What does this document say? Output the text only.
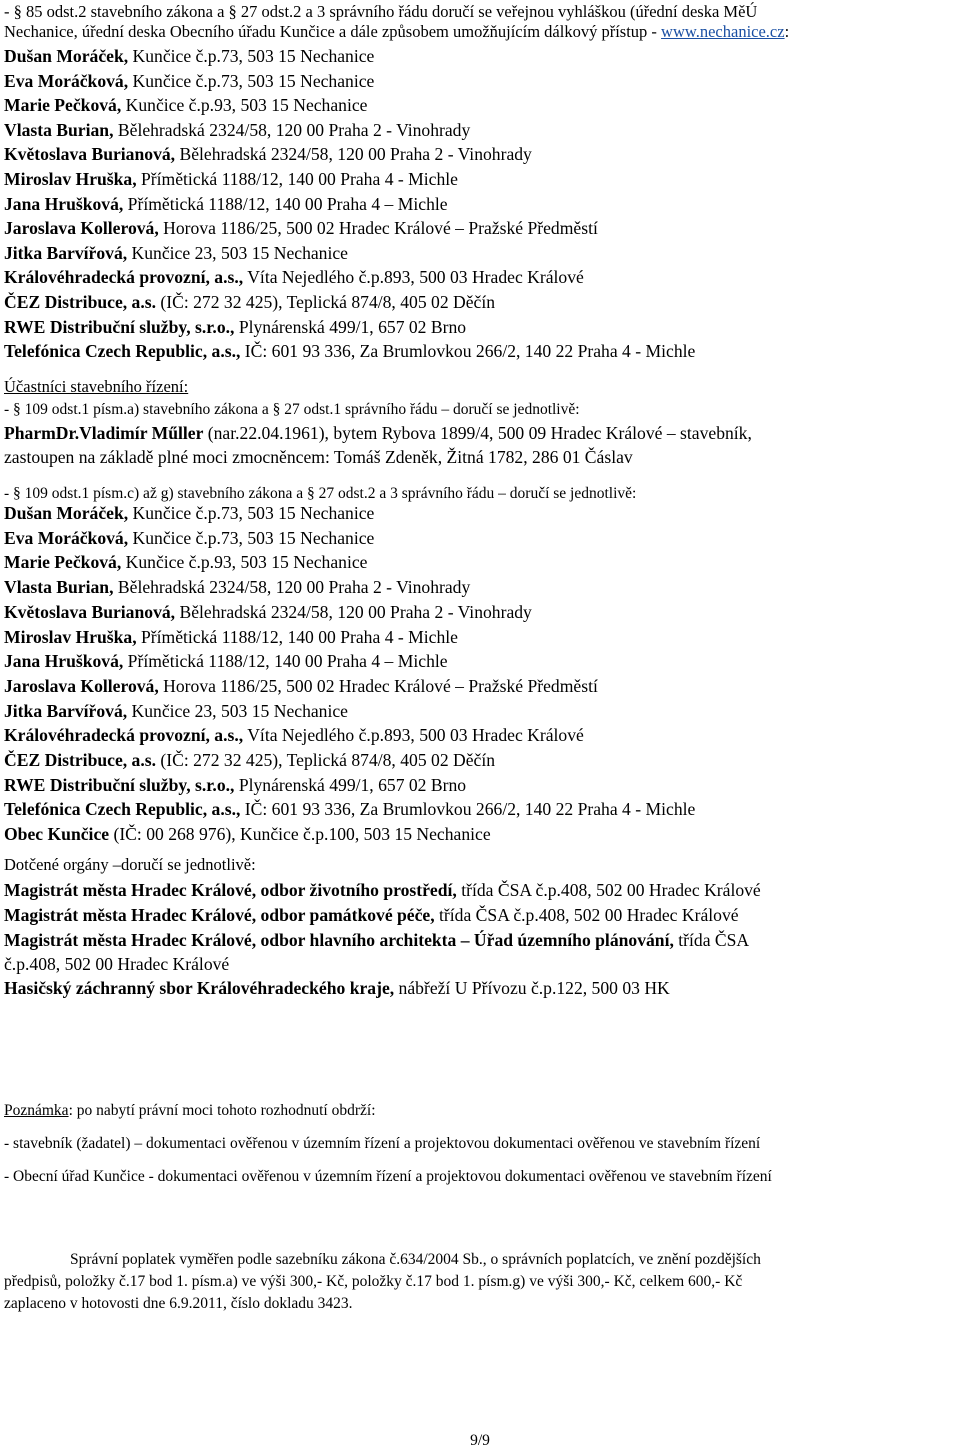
- § 85 odst.2 stavebního zákona a § 27 odst.2 a 3 správního řádu doručí se veřejnou vyhláškou (úřední deska MěÚ
Nechanice, úřední deska Obecního úřadu Kunčice a dále způsobem umožňujícím dálkový přístup - www.nechanice.cz:
Dušan Moráček, Kunčice č.p.73, 503 15 Nechanice
Eva Moráčková, Kunčice č.p.73, 503 15 Nechanice
Marie Pečková, Kunčice č.p.93, 503 15 Nechanice
Vlasta Burian, Bělehradská 2324/58, 120 00 Praha 2 - Vinohrady
Květoslava Burianová, Bělehradská 2324/58, 120 00 Praha 2 - Vinohrady
Miroslav Hruška, Přímětická 1188/12, 140 00 Praha 4 - Michle
Jana Hrušková, Přímětická 1188/12, 140 00 Praha 4 – Michle
Jaroslava Kollerová, Horova 1186/25, 500 02 Hradec Králové – Pražské Předměstí
Jitka Barvířová, Kunčice 23, 503 15 Nechanice
Královéhradecká provozní, a.s., Víta Nejedlého č.p.893, 500 03 Hradec Králové
ČEZ Distribuce, a.s. (IČ: 272 32 425), Teplická 874/8, 405 02 Děčín
RWE Distribuční služby, s.r.o., Plynárenská 499/1, 657 02 Brno
Telefónica Czech Republic, a.s., IČ: 601 93 336, Za Brumlovkou 266/2, 140 22 Praha 4 - Michle
Účastníci stavebního řízení:
- § 109 odst.1 písm.a) stavebního zákona a § 27 odst.1 správního řádu – doručí se jednotlivě:
PharmDr.Vladimír Műller (nar.22.04.1961), bytem Rybova 1899/4, 500 09 Hradec Králové – stavebník,
zastoupen na základě plné moci zmocněncem: Tomáš Zdeněk, Žitná 1782, 286 01 Čáslav
- § 109 odst.1 písm.c) až g) stavebního zákona a § 27 odst.2 a 3 správního řádu – doručí se jednotlivě:
Dušan Moráček, Kunčice č.p.73, 503 15 Nechanice
Eva Moráčková, Kunčice č.p.73, 503 15 Nechanice
Marie Pečková, Kunčice č.p.93, 503 15 Nechanice
Vlasta Burian, Bělehradská 2324/58, 120 00 Praha 2 - Vinohrady
Květoslava Burianová, Bělehradská 2324/58, 120 00 Praha 2 - Vinohrady
Miroslav Hruška, Přímětická 1188/12, 140 00 Praha 4 - Michle
Jana Hrušková, Přímětická 1188/12, 140 00 Praha 4 – Michle
Jaroslava Kollerová, Horova 1186/25, 500 02 Hradec Králové – Pražské Předměstí
Jitka Barvířová, Kunčice 23, 503 15 Nechanice
Královéhradecká provozní, a.s., Víta Nejedlého č.p.893, 500 03 Hradec Králové
ČEZ Distribuce, a.s. (IČ: 272 32 425), Teplická 874/8, 405 02 Děčín
RWE Distribuční služby, s.r.o., Plynárenská 499/1, 657 02 Brno
Telefónica Czech Republic, a.s., IČ: 601 93 336, Za Brumlovkou 266/2, 140 22 Praha 4 - Michle
Obec Kunčice (IČ: 00 268 976), Kunčice č.p.100, 503 15 Nechanice
Dotčené orgány –doručí se jednotlivě:
Magistrát města Hradec Králové, odbor životního prostředí, třída ČSA č.p.408, 502 00 Hradec Králové
Magistrát města Hradec Králové, odbor památkové péče, třída ČSA č.p.408, 502 00 Hradec Králové
Magistrát města Hradec Králové, odbor hlavního architekta – Úřad územního plánování, třída ČSA
č.p.408, 502 00 Hradec Králové
Hasičský záchranný sbor Královéhradeckého kraje, nábřeží U Přívozu č.p.122, 500 03 HK
Poznámka: po nabytí právní moci tohoto rozhodnutí obdrží:
- stavebník (žadatel) – dokumentaci ověřenou v územním řízení a projektovou dokumentaci ověřenou ve stavebním řízení
- Obecní úřad Kunčice - dokumentaci ověřenou v územním řízení a projektovou dokumentaci ověřenou ve stavebním řízení
Správní poplatek vyměřen podle sazebníku zákona č.634/2004 Sb., o správních poplatcích, ve znění pozdějších
předpisů, položky č.17 bod 1. písm.a) ve výši 300,- Kč, položky č.17 bod 1. písm.g) ve výši 300,- Kč, celkem 600,- Kč
zaplaceno v hotovosti dne 6.9.2011, číslo dokladu 3423.
9/9
